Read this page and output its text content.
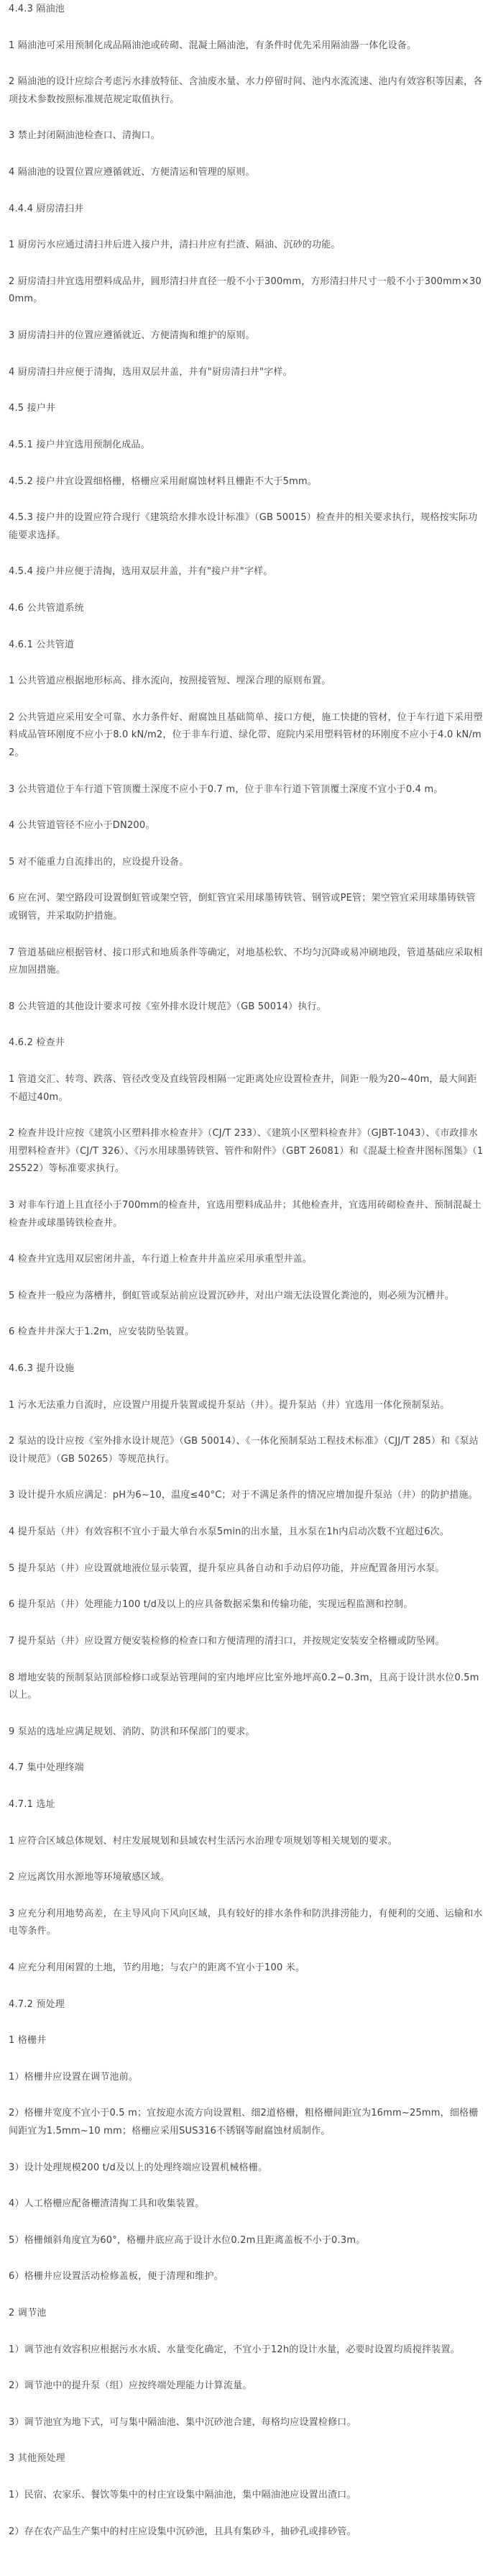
4.4.3 隔油池

1 隔油池可采用预制化成品隔油池或砖砌、混凝土隔油池，有条件时优先采用隔油器一体化设备。

2 隔油池的设计应综合考虑污水排放特征、含油废水量、水力停留时间、池内水流流速、池内有效容积等因素，各项技术参数按照标准规范规定取值执行。

3 禁止封闭隔油池检查口、清掏口。

4 隔油池的设置位置应遵循就近、方便清运和管理的原则。

4.4.4 厨房清扫井

1 厨房污水应通过清扫井后进入接户井，清扫井应有拦渣、隔油、沉砂的功能。

2 厨房清扫井宜选用塑料成品井，圆形清扫井直径一般不小于300mm，方形清扫井尺寸一般不小于300mm×300mm。

3 厨房清扫井的位置应遵循就近、方便清掏和维护的原则。

4 厨房清扫井应便于清掏，选用双层井盖，并有"厨房清扫井"字样。

4.5 接户井

4.5.1 接户井宜选用预制化成品。

4.5.2 接户井宜设置细格栅，格栅应采用耐腐蚀材料且栅距不大于5mm。

4.5.3 接户井的设置应符合现行《建筑给水排水设计标准》（GB 50015）检查井的相关要求执行，规格按实际功能要求选择。

4.5.4 接户井应便于清掏，选用双层井盖，并有"接户井"字样。

4.6 公共管道系统

4.6.1 公共管道

1 公共管道应根据地形标高、排水流向，按照接管短、埋深合理的原则布置。

2 公共管道应采用安全可靠、水力条件好、耐腐蚀且基础简单、接口方便，施工快捷的管材，位于车行道下采用塑料成品管环刚度不应小于8.0 kN/m2，位于非车行道、绿化带、庭院内采用塑料管材的环刚度不应小于4.0 kN/m2。

3 公共管道位于车行道下管顶覆土深度不应小于0.7 m，位于非车行道下管顶覆土深度不宜小于0.4 m。

4 公共管道管径不应小于DN200。

5 对不能重力自流排出的，应设提升设备。

6 应在河、架空路段可设置倒虹管或架空管，倒虹管宜采用球墨铸铁管、钢管或PE管；架空管宜采用球墨铸铁管或钢管，并采取防护措施。

7 管道基础应根据管材、接口形式和地质条件等确定，对地基松软、不均匀沉降或易冲刷地段，管道基础应采取相应加固措施。

8 公共管道的其他设计要求可按《室外排水设计规范》（GB 50014）执行。

4.6.2 检查井

1 管道交汇、转弯、跌落、管径改变及直线管段相隔一定距离处应设置检查井，间距一般为20~40m，最大间距不超过40m。

2 检查井设计应按《建筑小区塑料排水检查井》（CJ/T 233）、《建筑小区塑料检查井》（GJBT-1043）、《市政排水用塑料检查井》（CJ/T 326）、《污水用球墨铸铁管、管件和附件》（GBT 26081）和《混凝土检查井图标图集》（12S522）等标准要求执行。

3 对非车行道上且直径小于700mm的检查井，宜选用塑料成品井；其他检查井，宜选用砖砌检查井、预制混凝土检查井或球墨铸铁检查井。

4 检查井宜选用双层密闭井盖，车行道上检查井井盖应采用承重型井盖。

5 检查井一般应为落槽井，倒虹管或泵站前应设置沉砂井，对出户端无法设置化粪池的，则必须为沉槽井。

6 检查井井深大于1.2m，应安装防坠装置。

4.6.3 提升设施

1 污水无法重力自流时，应设置户用提升装置或提升泵站（井）。提升泵站（井）宜选用一体化预制泵站。

2 泵站的设计应按《室外排水设计规范》（GB 50014）、《一体化预制泵站工程技术标准》（CJJ/T 285）和《泵站设计规范》（GB 50265）等规范执行。

3 设计提升水质应满足：pH为6~10，温度≤40°C；对于不满足条件的情况应增加提升泵站（井）的防护措施。

4 提升泵站（井）有效容积不宜小于最大单台水泵5min的出水量，且水泵在1h内启动次数不宜超过6次。

5 提升泵站（井）应设置就地液位显示装置，提升泵应具备自动和手动启停功能，并应配置备用污水泵。

6 提升泵站（井）处理能力100 t/d及以上的应具备数据采集和传输功能，实现远程监测和控制。

7 提升泵站（井）应设置方便安装检修的检查口和方便清理的清扫口，并按规定安装安全格栅或防坠网。

8 增地安装的预制泵站顶部检修口或泵站管理间的室内地坪应比室外地坪高0.2~0.3m，且高于设计洪水位0.5m以上。

9 泵站的选址应满足规划、消防、防洪和环保部门的要求。

4.7 集中处理终端

4.7.1 选址

1 应符合区域总体规划、村庄发展规划和县域农村生活污水治理专项规划等相关规划的要求。

2 应远离饮用水源地等环境敏感区域。

3 应充分利用地势高差，在主导风向下风向区域，具有较好的排水条件和防洪排涝能力，有便利的交通、运输和水电等条件。

4 应充分利用闲置的土地，节约用地；与农户的距离不宜小于100 米。

4.7.2 预处理

1 格栅井

1）格栅井应设置在调节池前。

2）格栅井宽度不宜小于0.5 m；宜按迎水流方向设置粗、细2道格栅，粗格栅间距宜为16mm~25mm，细格栅间距宜为1.5mm~10 mm；格栅应采用SUS316不锈钢等耐腐蚀材质制作。

3）设计处理规模200 t/d及以上的处理终端应设置机械格栅。

4）人工格栅应配备栅渣清掏工具和收集装置。

5）格栅倾斜角度宜为60°，格栅井底应高于设计水位0.2m且距离盖板不小于0.3m。

6）格栅井应设置活动检修盖板，便于清理和维护。

2 调节池

1）调节池有效容积应根据污水水质、水量变化确定，不宜小于12h的设计水量，必要时设置均质搅拌装置。

2）调节池中的提升泵（组）应按终端处理能力计算流量。

3）调节池宜为地下式，可与集中隔油池、集中沉砂池合建，每格均应设置检修口。

3 其他预处理

1）民宿、农家乐、餐饮等集中的村庄宜设集中隔油池，集中隔油池应设置出渣口。

2）存在农产品生产集中的村庄应设集中沉砂池，且具有集砂斗，抽砂孔或排砂管。
